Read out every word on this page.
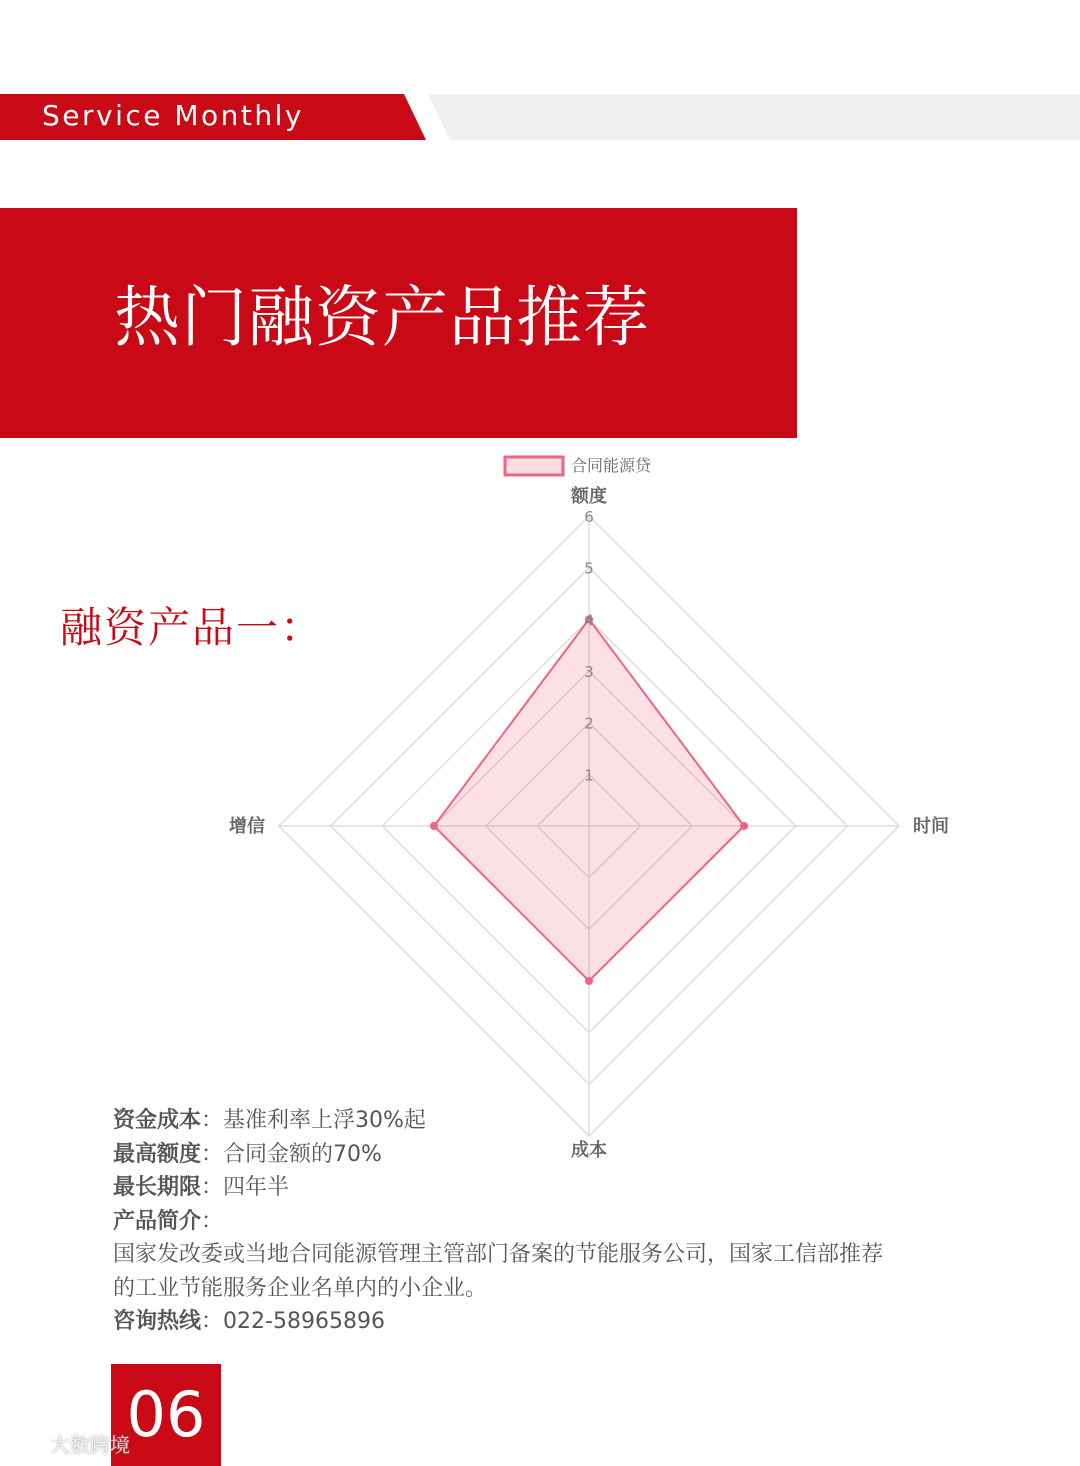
Service Monthly
热门融资产品推荐
融资产品一：
1
2
3
4
5
6
额度
时间
成本
增信
合同能源贷
资金成本：基准利率上浮30%起
最高额度：合同金额的70%
最长期限：四年半
产品简介：
国家发改委或当地合同能源管理主管部门备案的节能服务公司，国家工信部推荐
的工业节能服务企业名单内的小企业。
咨询热线：022-58965896
06
大数跨境
